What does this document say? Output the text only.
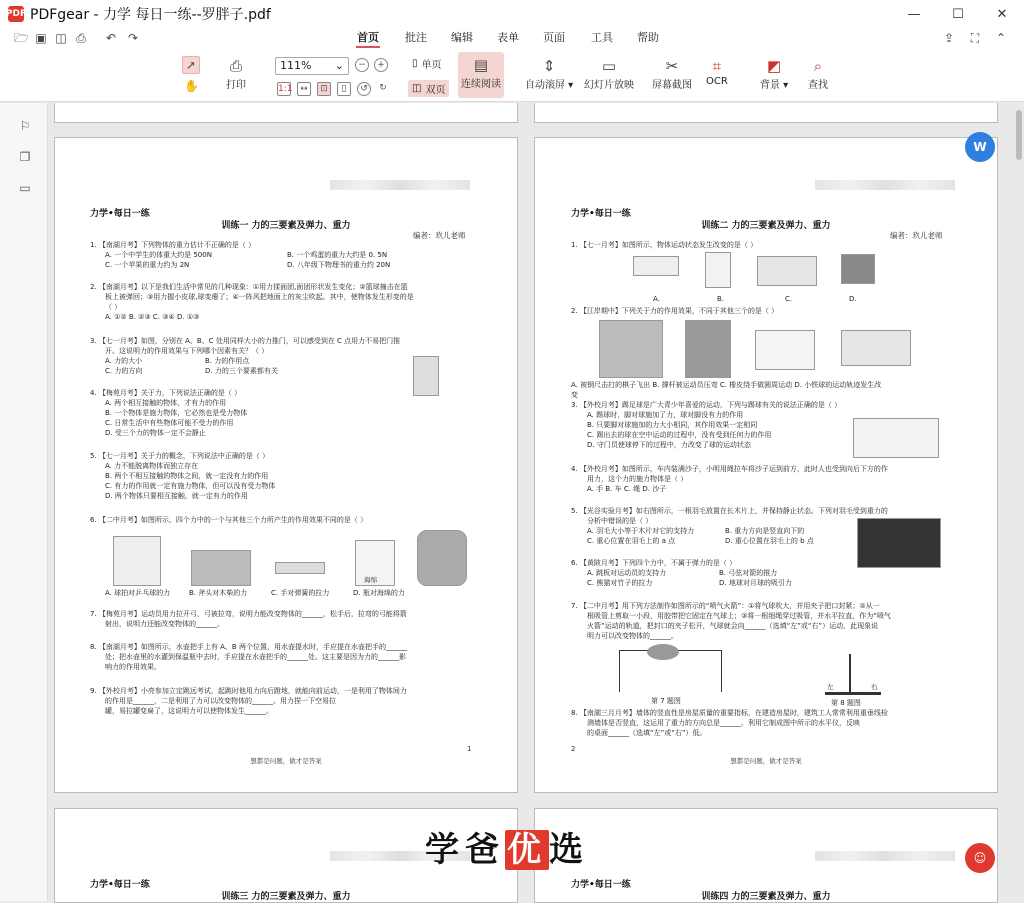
PDF PDFgear - 力学 每日一练--罗胖子.pdf	—	☐	✕
🗁 ▣ ◫ ⎙ ↶ ↷	首页 批注 编辑 表单 页面 工具 帮助	⇪ ⛶ ⌃
➚
✋
⎙
打印
111% ⌄	−	+
1:1 ↔	⊡	▯	↺	↻
▯ 单页
◫ 双页
▤
连续阅读
⇕
自动滚屏 ▾
▭
幻灯片放映
✂
屏幕截图
⌗
OCR
◩
背景 ▾
⌕
查找
⚐
❐
▭
力学•每日一练
训练一 力的三要素及弹力、重力
编者：玖儿老师
1. 【南湖月考】下列物体的重力估计不正确的是（ ）
A. 一个中学生的体重大约是 500N	B. 一个鸡蛋的重力大约是 0. 5N
C. 一个苹果的重力约为 2N	D. 八年级下物理书的重力约 20N
2. 【南湖月考】以下是我们生活中常见的几种现象：①用力揉面团,面团形状发生变化；②篮球撞击在篮
板上被弹回；③用力握小皮球,球变瘪了；④一阵风把地面上的灰尘吹起。其中，使物体发生形变的是
（ ）
A. ①② B. ②③ C. ③④ D. ①③
3. 【七一月考】如图，分别在 A、B、C 处用同样大小的力推门，可以感受到在 C 点用力不易把门推
开。这说明力的作用效果与下列哪个因素有关？（ ）
A. 力的大小	B. 力的作用点
C. 力的方向	D. 力的三个要素都有关
4. 【梅苑月考】关于力，下列说法正确的是（ ）
A. 两个相互接触的物体，才有力的作用
B. 一个物体是施力物体，它必然也是受力物体
C. 日常生活中有些物体可能不受力的作用
D. 受三个力的物体一定不会静止
5. 【七一月考】关于力的概念，下列说法中正确的是（ ）
A. 力不能脱离物体而独立存在
B. 两个不相互接触的物体之间，就一定没有力的作用
C. 有力的作用就一定有施力物体，但可以没有受力物体
D. 两个物体只要相互接触，就一定有力的作用
6. 【二中月考】如图所示，四个力中的一个与其他三个力所产生的作用效果不同的是（ ）
海绵
A. 球拍对乒乓球的力	B. 斧头对木柴的力	C. 手对弹簧的拉力	D. 瓶对海绵的力
7. 【梅苑月考】运动员用力拉开弓，弓被拉弯，说明力能改变物体的______，松手后，拉弯的弓能将箭
射出，说明力还能改变物体的______。
8. 【南湖月考】如图所示，水壶把手上有 A、B 两个位置，用水壶提水时，手应提在水壶把手的______
处；把水壶里的水灌到保温瓶中去时，手应提在水壶把手的______处。这主要是因为力的______影
响力的作用效果。
9. 【外校月考】小亮参加立定跳远考试，起跳时他用力向后蹬地，就能向前运动，一是利用了物体间力
的作用是______，二是利用了力可以改变物体的______。用力捏一下空易拉
罐，易拉罐变扁了，这说明力可以使物体发生______。
1
想都是问题，做才是答案
力学•每日一练
训练二 力的三要素及弹力、重力
编者：玖儿老师
1. 【七一月考】如图所示，物体运动状态发生改变的是（ ）
A.	B.	C.	D.
2. 【江岸期中】下列关于力的作用效果，不同于其他三个的是（ ）
A. 被钢尺击打的棋子飞出 B. 撑杆被运动员压弯 C. 橡皮绕手做圆周运动 D. 小铁球的运动轨迹发生改
变
3. 【外校月考】踢足球是广大青少年喜爱的运动，下列与踢球有关的说法正确的是（ ）
A. 踢球时，脚对球施加了力，球对脚没有力的作用
B. 只要脚对球施加的力大小相同，其作用效果一定相同
C. 踢出去的球在空中运动的过程中，没有受到任何力的作用
D. 守门员使球停下的过程中，力改变了球的运动状态
4. 【外校月考】如图所示，车内装满沙子，小明用绳拉车将沙子运到前方，此时人也受到向后下方的作
用力，这个力的施力物体是（ ）
A. 手 B. 车 C. 绳 D. 沙子
5. 【光谷实验月考】如右图所示，一根羽毛放置在长木片上，并保持静止状态。下列对羽毛受到重力的
分析中错误的是（ ）
A. 羽毛大小等于木片对它的支持力	B. 重力方向是竖直向下的
C. 重心位置在羽毛上的 a 点	D. 重心位置在羽毛上的 b 点
6. 【黄陂月考】下列四个力中，不属于弹力的是（ ）
A. 跳板对运动员的支持力	B. 弓弦对箭的推力
C. 熊猫对竹子的拉力	D. 地球对月球的吸引力
7. 【二中月考】用下列方法制作如图所示的“喷气火箭”：①将气球吹大，并用夹子把口封紧；②从一
根吸管上剪取一小段，用胶带把它固定在气球上；③将一根细绳穿过吸管，并水平拉直，作为“喷气
火箭”运动的轨道，把封口的夹子松开，气球就会向______（选填“左”或“右”）运动，此现象说
明力可以改变物体的______。
第 7 题图
左	右
第 8 题图
8. 【南湖三月月考】墙体的竖直性是房屋质量的重要指标，在建造房屋时，建筑工人常常利用重垂线检
测墙体是否竖直，这运用了重力的方向总是______，利用它制成图中所示的水平仪，反映
的桌面______（选填“左”或“右”）低。
2
想都是问题，做才是答案
力学•每日一练
训练三 力的三要素及弹力、重力
力学•每日一练
训练四 力的三要素及弹力、重力
学爸优选
W
☺
